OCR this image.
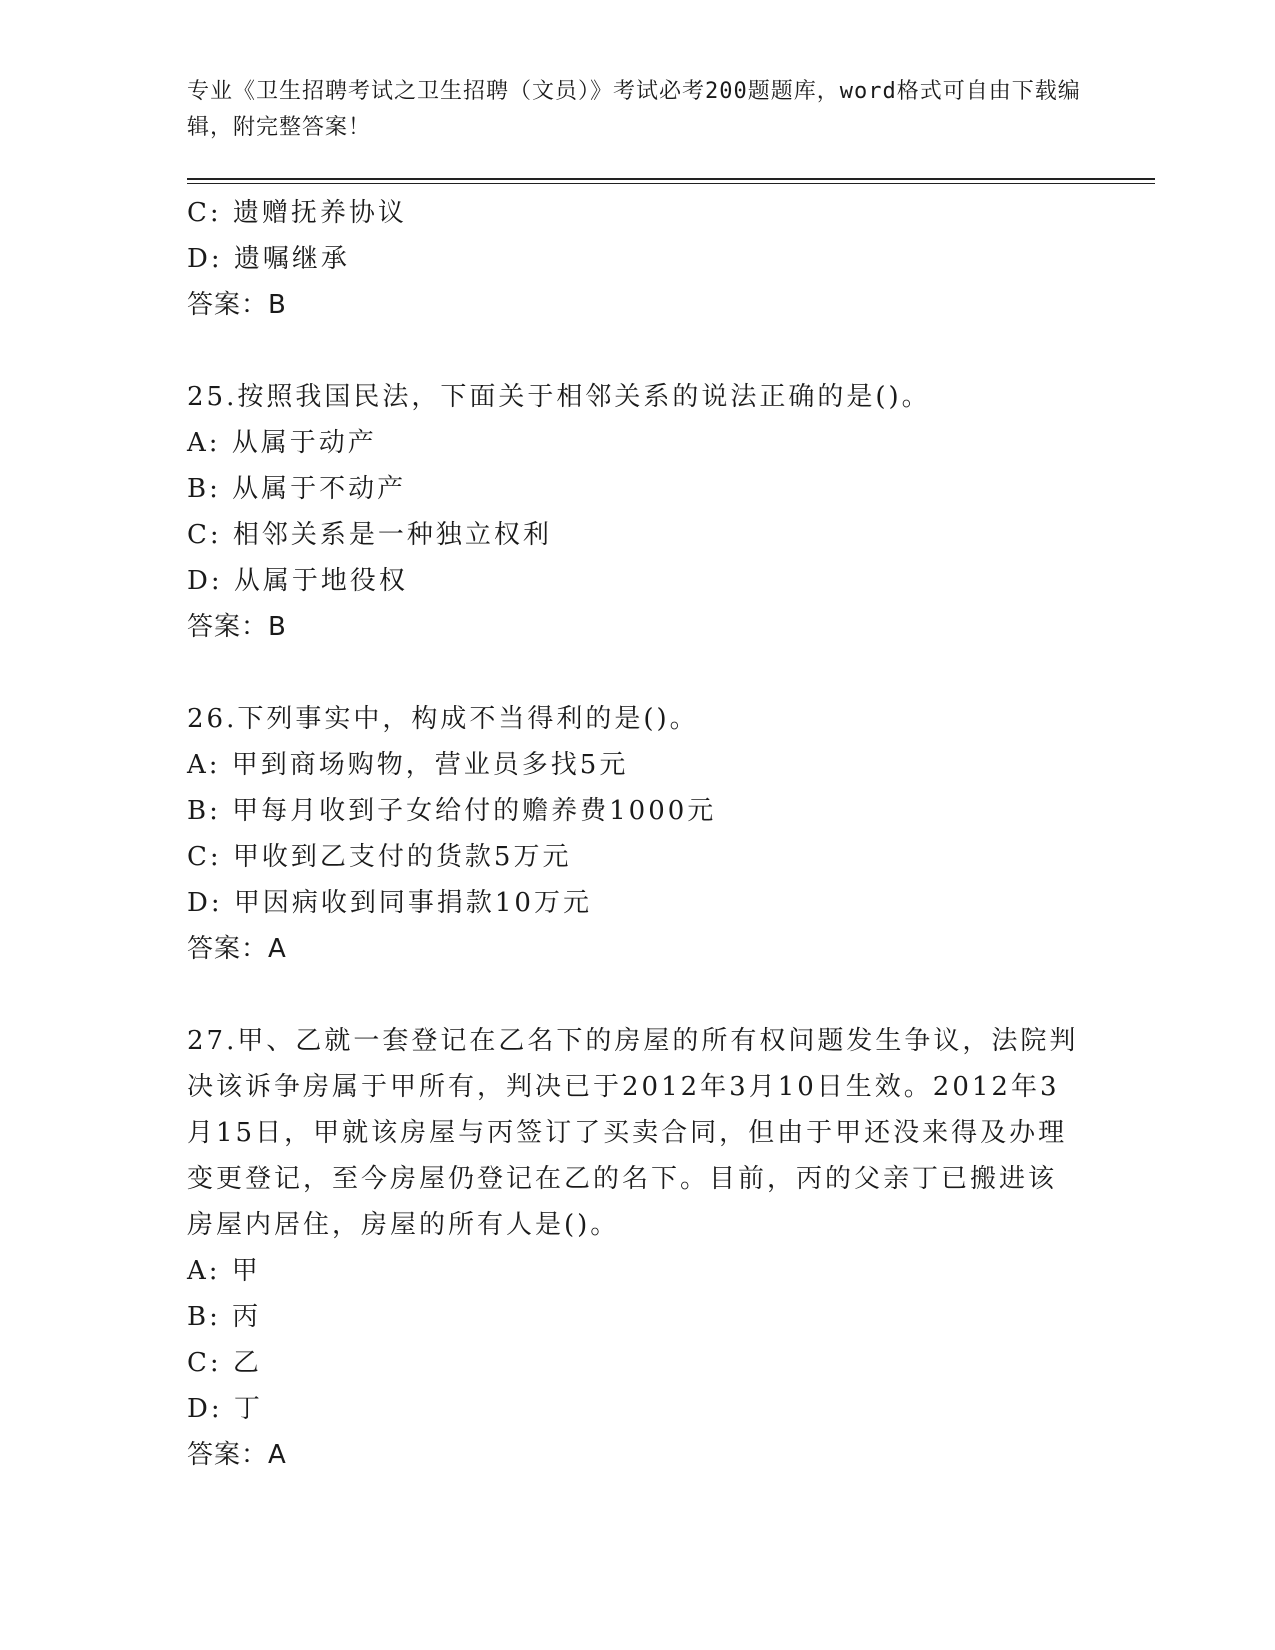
专业《卫生招聘考试之卫生招聘（文员）》考试必考200题题库，word格式可自由下载编辑，附完整答案！
C: 遗赠抚养协议
D: 遗嘱继承
答案：B
25.按照我国民法，下面关于相邻关系的说法正确的是()。
A: 从属于动产
B: 从属于不动产
C: 相邻关系是一种独立权利
D: 从属于地役权
答案：B
26.下列事实中，构成不当得利的是()。
A: 甲到商场购物，营业员多找5元
B: 甲每月收到子女给付的赡养费1000元
C: 甲收到乙支付的货款5万元
D: 甲因病收到同事捐款10万元
答案：A
27.甲、乙就一套登记在乙名下的房屋的所有权问题发生争议，法院判
决该诉争房属于甲所有，判决已于2012年3月10日生效。2012年3
月15日，甲就该房屋与丙签订了买卖合同，但由于甲还没来得及办理
变更登记，至今房屋仍登记在乙的名下。目前，丙的父亲丁已搬进该
房屋内居住，房屋的所有人是()。
A: 甲
B: 丙
C: 乙
D: 丁
答案：A
